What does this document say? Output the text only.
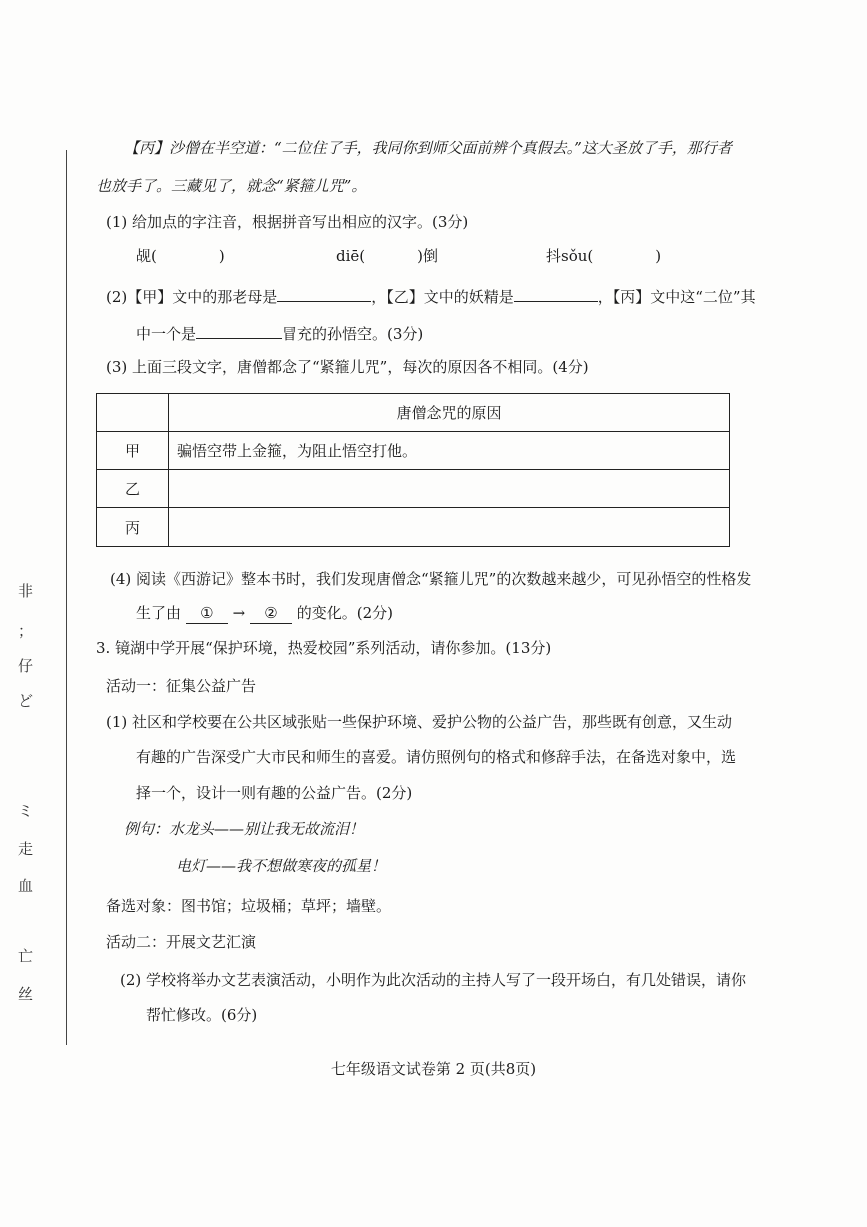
非
；
仔
ど
ミ
走
血
亡
丝
【丙】沙僧在半空道：“二位住了手，我同你到师父面前辨个真假去。”这大圣放了手，那行者
也放手了。三藏见了，就念“紧箍儿咒”。
(1) 给加点的字注音，根据拼音写出相应的汉字。(3分)
觇(	)	diē(	)倒	抖sǒu(	)
(2)【甲】文中的那老母是	，【乙】文中的妖精是	，【丙】文中这“二位”其
中一个是	冒充的孙悟空。(3分)
(3) 上面三段文字，唐僧都念了“紧箍儿咒”，每次的原因各不相同。(4分)
唐僧念咒的原因
甲	骗悟空带上金箍，为阻止悟空打他。
乙
丙
(4) 阅读《西游记》整本书时，我们发现唐僧念“紧箍儿咒”的次数越来越少，可见孙悟空的性格发
生了由 ① → ② 的变化。(2分)
3. 镜湖中学开展“保护环境，热爱校园”系列活动，请你参加。(13分)
活动一：征集公益广告
(1) 社区和学校要在公共区域张贴一些保护环境、爱护公物的公益广告，那些既有创意，又生动
有趣的广告深受广大市民和师生的喜爱。请仿照例句的格式和修辞手法，在备选对象中，选
择一个，设计一则有趣的公益广告。(2分)
例句：水龙头——别让我无故流泪！
电灯——我不想做寒夜的孤星！
备选对象：图书馆；垃圾桶；草坪；墙壁。
活动二：开展文艺汇演
(2) 学校将举办文艺表演活动，小明作为此次活动的主持人写了一段开场白，有几处错误，请你
帮忙修改。(6分)
七年级语文试卷第 2 页(共8页)
